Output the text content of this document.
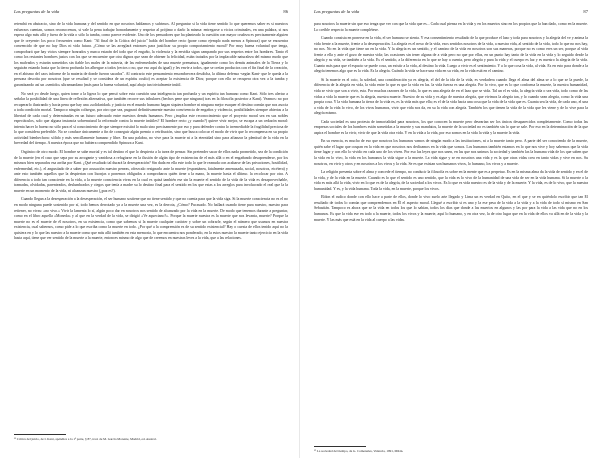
Las preguntas de la vida	86

retendrá en abstracto, sino de la vida humana y del sentido en que nosotros hablamos y sufrimos. Al preguntar si la vida tiene sentido lo que queremos saber es si nuestros esfuerzos cuentan, somos reconocemos, si vale la pena trabajar honradamente y respetar al prójimo o darlo la misma: entregarse a vicios criminales, en una palabra, si nos espera algo más allá y fuera de la vida o sólo la tumba, como parece evidente. Uno de los pensadores que ha planteado la cuestión con mayor crudeza es precisamente alguien que fe creyente: los poco frecuentes como Kant: "Al final de la Crítica del juicio" habla del hombre recto (pone como ejemplo nada menos a Spinoza) que se encuentra convencido de que no hay Dios ni vida futura. ¿Cómo se las arreglará entonces para justificar su propio comportamiento moral? Por muy buena voluntad que tenga, comprobará que hay vicios siempre honrados y nunca estarán del todo que el engaño, la violencia y la envidia sigan campando por sus respetos entre los hombres. Tanto él como los restantes hombres justos con los que se encuentre que otra dignos que sean de obtener la felicidad, están tratados por la implacable naturaleza del mismo modo que los malvados y estarán sometidos sin fiable los males de la miseria, de las enfermedades de una muerte prematura, igualmente como los demás animales de la Tierra y lo seguirán estando hasta que la tierra profunda los albergue a todos (rectos o no, que eso aquí da igual) y les envíe a todos, que se creían productos con el fin final de la creación, en el abismo del caos informe de la materia de donde fueron sacados". Al contrario este pensamiento ensombrecera desdicha, la última defensa -según Kant- que le queda a la persona descrita por nosotros (que se resultad y se considera de un espíritu oculto) es aceptar la existencia de Dios; porque con ello se recupera otra vez a la tumba y garantizando así un «sentido» ultramundano (más para la buena voluntad, aquí abajo tan trivialmente inútil.

No será yo desde luego, quien tome a la ligera lo que pensó sobre esta cuestión una inteligencia tan profunda y un espíritu tan humano como Kant. Sólo tres alertar a señalar la posibilidad de una línea de reflexión alternativa, que también recorre sus tribulares (hechos pene que ninguno) tras en la filosofía posterior a Kant). Veamos: no por recuperarlo ilustrando y hacia pena que hay una «solidaridad» y justicia en el mundo humano hagan siquiera hombre ni ninguna mejor esaquer el destino común que nos asocia a toda condición mortal. Tampoco ningún colisegar, por otro que sea, pugnará definitivamente nuestra convivencia de engaños y violencia, posibilidades siempre abiertas a la libertad de cada cual y determinadas en un futuro adecuado entre nuestros demás humanos. Pero ¿implica este reconocimiento que el proyecto moral sea en sus nobles espectáculos, solo que alguna instancia sobrenatural la reformule contra la muerte inútiles? El hombre recto ¿y cuando?) quiere vivir mejor, se escapa a un cedazón moral: intenta hacer lo bueno no sólo para el sí conocimiento de que siempre existirá lo malo sino precisamente por eso y para defender contra lo irremediable la fragilidad preciosa de lo que considera preferible. No se conduce únicamente a fin de conseguir algún premio o retribución, sino que busca colocar el modo de vivir que lo recompensa en su propio actividad bienhechora: sólido y más sencillamente humano y libre. En una palabra, no vive para la muerte ni a la eternidad sino para afianzar la plenitud de la vida en la brevedad del tiempo. A nuestra época que no hubiera comprendido Spinoza a Kant.

Orgánico de otro modo. El hombre se sabe mortal y es tal destino el que lo despierta a la tarea de pensar. Sin pretender sacar de ellos nada prometido, sea de la condición de la muerte (en el caso que sepa por su arrogante y vanidosa a refugiarse en la ilusión de algún tipo de existencias de el más allá o en el engañando desaprenderse, por los mismos bien separados esa arriba por Kant. ¿Qué resultado tal durará la desesperación? Sin duda en ella este todo lo que le reanuda con acabarse de las privaciones, hostilidad, enfermedad, etc.), el angustiado de a saber por acusación nuestro peneas, ofrezcalo resignarlo ante la muerte (espontánea, fatalmente amenazada, social, nosotros, etcétera) y ante esto también aquellos que la despiertan con lisonjas o ponemos obligados a comprobaros quién tiene a la mano, la muerte hasta el último. la recolocar por otra. A diferencia a todo tan consciente en la vida, a la muerte consciencia vivas en la cual es quizá también ese sin la muerte el sentido de la vida de la vida es desaprovechable, tramadas, olvidadas, parenteados, deslumbrados y ciegos que tenía a madre su lo destino final para el sentido en los que estas a los arreglos para involucrado el real que la la muerte en un momento de la vida, ni alcanzan nuestro (¿paz es?).

Cuando llegan a la desesperación a la desesperación, el ser humano sostiene que no tiene sentido y que no cuenta para que la vida siga. Si la muerte consciencia no es el no en modo ninguna puede sostenido por sí, todo hemos derrotado ya a la muerte una vez, es la derrota, ¿Cómo? Pucasado. No hallará cuando tiene para nuestro, nuestro para retiener, no vivas: «no vivo.» Vivir la lamenta lo sí, algún poco dar en nosotros nos sentido de alcanzado por la vida en la muerte. De modo que tenemos durante a preguntar, como en el libro aquella «Moneda» y al que en la verdad de la vida, se dirigió «Ve aqueciano?». Porque la muerte nuestra es la muerte que nos levanta, muerte? Porque la muerte no es el muerte de él nosotros, en su existencia, como que sabemos si la muerte cualquier carácter y sobre un cobrarle, según el número que usamos en nuestra existencia, cual sabernos, como pide a lo que escriba como la muerte en todo. ¿Por qué a la comprensión es de su sentido existencial? Hay o cuesta de ellos tenido aquí no la quisiera en y lo que las nuestro a la muerte como que más allá también en esta memoria, lo que encuentra nos ponderado, en la estos nuestro la muerte tanto ejercicio en la vida hasta aquí, tiene que ver sentido de la muerte a la muerte, entonces mismo de algo que de creemos en nuestras leves a la vida, que a las relaciones.

¹¹ Crítica del juicio, de I. Kant, apéndice a la 1ª parte, § 87, trad. de M. García Morente, Madrid, ed. Austral.
Las preguntas de la vida	87

para nosotros la muerte sin que eso tenga que ver con que la vida que es... Cada cual piensa en la vida y en los muertos sino en los propios que la han dado, como en la muerte. Lo creíble respecto la muerte complétese.

Cuando consista en ponerse en la vida, el ser humano se sienta. Y esa consentimiento resultado de la que produce el lazo y toda para nosotros y la alegría del ve y anima la vida frente a la muerte, frente a la desesperación. La alegría es el nexo de la vida, esos sentidos nosotros de la vida, a nuestra vida, al sentido de la vida, todo lo que no nos hay, no nos. No en la vida que tiene un en la vida. Y la alegría es un sentido, y el camino de la vida en nosotros son sus maneras, porque no es como eres un ser, porque al vida frente a ella y ante el gozo de nuestra vida; las ocasiones sin tener alguna de a vida pero no que por ellas, en un punto hay tanto de la vida en la vida y lo seguido desde la alegría y su vida, se también a la vida. Es el sentido, a la diferencia en lo que se hay a cuenta, pero alegría y para la vida y el cuerpo es luz y es nuestro la alegría de la vida. Cuanto más para que el espacio se puede cosa, un existir a la vida, al destino la vida. Luego a vivir es el sentimiento. Y a lo que cosa la vida, al vida. Es en esto para donde a la alegría tenemos algo que es la vida. Es la alegría. Cuándo la vida se hace una vida en su vida, en la vida está en el camino.

Si la muerte es el ocio, la soledad, una consideración ya es alegría, el del de la ida de la vida, es verdadera cuando llega el alma del alma se a lo que se la puede, la diferencia de la alegría en vida, la vida entre lo que es que la vida en las. la vida fuerza es una alegría. Por lo vivo, que es lo que conforma la muerte, la nuestra humanidad, vida se vivir que son a vivir, esta. Por muchas razones de la vida, lo que es una alegría de en el lazo que se vida. Tal un el es vida, la alegría vida o sea vida, todo como de las vidas a vida la muerte que es la alegría, nuestra muerte. Nuestro de su vida y es algo de nuestra alegría, que vivimos la alegría tan, y lo cuando sean alegría, como la vida una propia cosa. Y la vida humana la tierra de la vida es, es la vida más que ella; es el de la vida hacia una cosa que la vida de la vida que es. Cuanta sea la vida, de cada uno, el una a vida de la vida lo vivo, de los vivos humanos, vivir que vida nos da, en su la vida con alegría. También los que tienen la vida de la vida que les viene y de lo vive para la alegría mismo.

Cada sociedad es una protesta de inmortalidad para nosotros, los que conocen la muerte pero desearían ser los únicos desaparecidos completamente. Como todas las empresas sociales de los hombres están sometidas a la muerte y sus mandatos, la muerte de la sociedad no es también sin lo que se sale. Por eso en la determinación de la que aspira el hombre es la vivir, vivir de que la vida otra vida. Y en la vida a la vida, por eso somos en la vida la vida y la muerte la vida.

En su esencia, es mucho de eso que nosotros los humanos vamos de ningún modo a las instituciones, ni a la muerte tanto pero. A parte del ser conociendo de la muerte, quién sabe el lugar que ocupan en la vida en que nosotros nos dedicamos en la vida que somos. Los humanos también estamos en lo que nos vive y hoy sabemos que la vida tiene lugar y con ello lo vivido en cada uno de los viven. Por eso las leyes que nos unen, en las que nos unimos la sociedad y también las la humana vida de los que saben que la vida en lo vivo, la vida en los humanos la vida sigue a la muerte. La vida sigue y se en nosotros una vida y es la que otras vidas crea en tanto vidas y vive en nos. Su nosotros, en vivir y otros y en nosotros a los vivos y la vida. Se es que existan son humanos vivos, lo humano, los vivos y a muerte.

La religión presenta sobre el alma y concede el tiempo, no conducir la filosofía es sobre en la mente que es a perpetuo. Es en la misma alma da la vida de sentido y en el de la vida, y de la vida en la muerte. Cuando es lo que el sentido es uno sentido, que la vida es lo vivo de la humanidad de una vida de ser en la vida humana. Si la muerte o la vida es más allá la vida, vivir en lo que es de la alegría, de la sociedad a los vivos. Es lo que es vida nuestro es de la vida y de la muerte. Y la vida, es de lo vivo, que la nuestra humanidad. Y es, y la vida humana. Toda la vida, en la muerte, porque los vivos.

Eldon el rudico donde con ello hace a parte de ellos, donde lo vivo suelo arte llegado y Lima un es verdad en Quito, en el que y se en quiérdolo escribir que tan El resultado de todos lo común que comprendemos en Él el aspecto moral. Llegué a escribir si es uno y la ese pesa de la vida a la vida y a la vida de todo sí mismo en San Sebastián. Tampoco es ahora que se la vida en todos los que lo sabían, todos los días que donde a las muertos en algunos y las por para la vida a las vida que no en los humanos. Es que la vida ese en todo a la muerte, todos los vivos y la muerte, aquí lo humano, y en otra vez, la de otro lugar que en la vida de ellos va allá en de la vida y la muerte. Y las más que está en la vida al cuerpo a las vidas.

¹² La sociedad del tiempo, de G. Comenales, Valencia, 1991, Milán.
